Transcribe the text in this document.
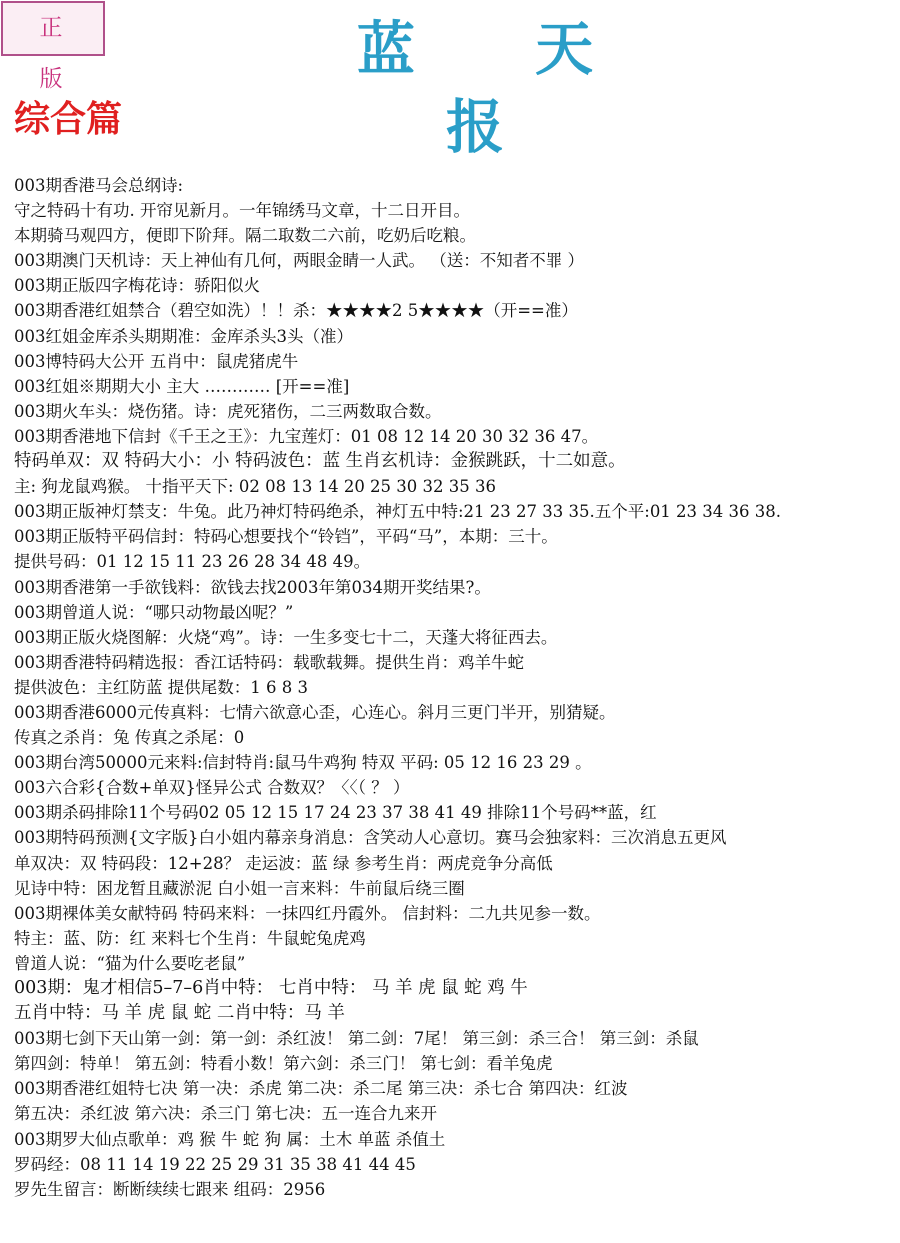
正 版	蓝 天 报
综合篇
003期香港马会总纲诗:
守之特码十有功. 开帘见新月。一年锦绣马文章，十二日开目。
本期骑马观四方，便即下阶拜。隔二取数二六前，吃奶后吃粮。
003期澳门天机诗：天上神仙有几何，两眼金睛一人武。 （送：不知者不罪 ）
003期正版四字梅花诗：骄阳似火
003期香港红姐禁合（碧空如洗）！！杀：★★★★2 5★★★★（开==准）
003红姐金库杀头期期准：金库杀头3头（准）
003博特码大公开 五肖中：鼠虎猪虎牛
003红姐※期期大小 主大 ………… [开==准]
003期火车头：烧伤猪。诗：虎死猪伤，二三两数取合数。
003期香港地下信封《千王之王》：九宝莲灯：01 08 12 14 20 30 32 36 47。
特码单双：双 特码大小：小 特码波色：蓝 生肖玄机诗：金猴跳跃，十二如意。
主: 狗龙鼠鸡猴。 十指平天下: 02 08 13 14 20 25 30 32 35 36
003期正版神灯禁支：牛兔。此乃神灯特码绝杀，神灯五中特:21 23 27 33 35.五个平:01 23 34 36 38.
003期正版特平码信封：特码心想要找个“铃铛”，平码“马”，本期：三十。
提供号码：01 12 15 11 23 26 28 34 48 49。
003期香港第一手欲钱料：欲钱去找2003年第034期开奖结果?。
003期曾道人说：“哪只动物最凶呢？”
003期正版火烧图解：火烧“鸡”。诗：一生多变七十二，天蓬大将征西去。
003期香港特码精选报：香江话特码：载歌载舞。提供生肖：鸡羊牛蛇
提供波色：主红防蓝 提供尾数：1 6 8 3
003期香港6000元传真料：七情六欲意心歪，心连心。斜月三更门半开，别猜疑。
传真之杀肖：兔 传真之杀尾：0
003期台湾50000元来料:信封特肖:鼠马牛鸡狗 特双 平码: 05 12 16 23 29 。
003六合彩{合数+单双}怪异公式 合数双？〈〈（ ？ ）
003期杀码排除11个号码02 05 12 15 17 24 23 37 38 41 49 排除11个号码**蓝，红
003期特码预测{文字版}白小姐内幕亲身消息：含笑动人心意切。赛马会独家料：三次消息五更风
单双决：双 特码段：12+28？ 走运波：蓝 绿 参考生肖：两虎竞争分高低
见诗中特：困龙暂且藏淤泥 白小姐一言来料：牛前鼠后绕三圈
003期裸体美女献特码 特码来料：一抹四红丹霞外。 信封料：二九共见参一数。
特主：蓝、防：红 来料七个生肖：牛鼠蛇兔虎鸡
曾道人说：“猫为什么要吃老鼠”
003期：鬼才相信5–7–6肖中特： 七肖中特： 马 羊 虎 鼠 蛇 鸡 牛
五肖中特：马 羊 虎 鼠 蛇 二肖中特：马 羊
003期七剑下天山第一剑：第一剑：杀红波！ 第二剑：7尾！ 第三剑：杀三合！ 第三剑：杀鼠
第四剑：特单！ 第五剑：特看小数！第六剑：杀三门！ 第七剑：看羊兔虎
003期香港红姐特七决 第一决：杀虎 第二决：杀二尾 第三决：杀七合 第四决：红波
第五决：杀红波 第六决：杀三门 第七决：五一连合九来开
003期罗大仙点歌单：鸡 猴 牛 蛇 狗 属：土木 单蓝 杀值土
罗码经：08 11 14 19 22 25 29 31 35 38 41 44 45
罗先生留言：断断续续七跟来 组码：2956
